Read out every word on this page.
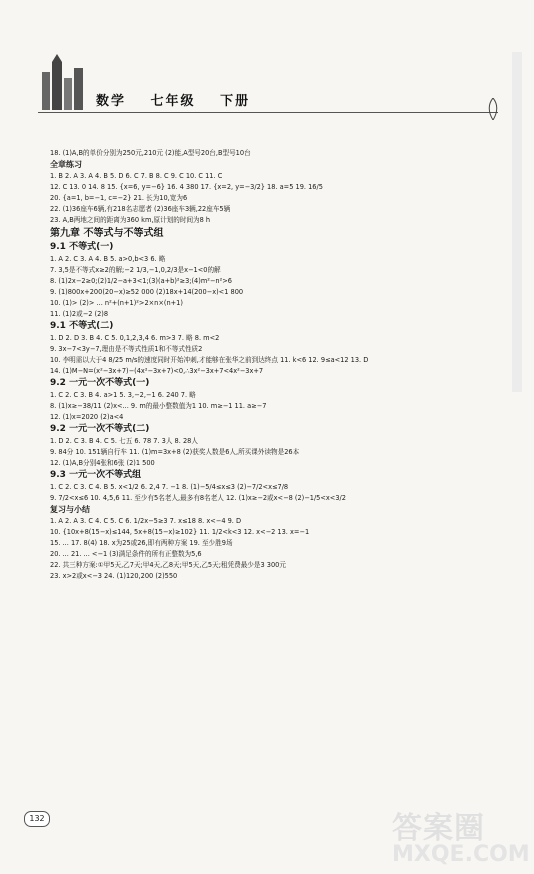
数学 七年级 下册
18. (1)A,B的单价分别为250元,210元 (2)能,A型号20台,B型号10台
全章练习
1. B 2. A 3. A 4. B 5. D 6. C 7. B 8. C 9. C 10. C 11. C
12. C 13. 0 14. 8 15. {x=6, y=−6} 16. 4 380 17. {x=2, y=−3/2} 18. a=5 19. 16/5
20. {a=1, b=−1, c=−2} 21. 长为10,宽为6
22. (1)36座车6辆,有218名志愿者 (2)36座车3辆,22座车5辆
23. A,B两地之间的距离为360 km,原计划的时间为8 h
第九章 不等式与不等式组
9.1 不等式(一)
1. A 2. C 3. A 4. B 5. a>0,b<3 6. 略
7. 3,5是不等式x≥2的解;−2 1/3,−1,0,2/3是x−1<0的解
8. (1)2x−2≥0;(2)1/2−a+3<1;(3)(a+b)²≥3;(4)m²−n²>6
9. (1)800x+200(20−x)≥52 000 (2)18x+14(200−x)<1 800
10. (1)> (2)> ... n²+(n+1)²>2×n×(n+1)
11. (1)2或−2 (2)8
9.1 不等式(二)
1. D 2. D 3. B 4. C 5. 0,1,2,3,4 6. m>3 7. 略 8. m<2
9. 3x−7<3y−7,理由是不等式性质1和不等式性质2
10. 李明需以大于4 8/25 m/s的速度同时开始冲刺,才能够在张华之前到达终点 11. k<6 12. 9≤a<12 13. D
14. (1)M−N=(x²−3x+7)−(4x²−3x+7)<0,∴3x²−3x+7<4x²−3x+7
9.2 一元一次不等式(一)
1. C 2. C 3. B 4. a>1 5. 3,−2,−1 6. 240 7. 略
8. (1)x≥−38/11 (2)x<... 9. m的最小整数值为1 10. m≥−1 11. a≥−7
12. (1)x=2020 (2)a<4
9.2 一元一次不等式(二)
1. D 2. C 3. B 4. C 5. 七五 6. 78 7. 3人 8. 28人
9. 84分 10. 151辆自行车 11. (1)m=3x+8 (2)获奖人数是6人,所买课外读物是26本
12. (1)A,B分别4张和6张 (2)1 500
9.3 一元一次不等式组
1. C 2. C 3. C 4. B 5. x<1/2 6. 2,4 7. −1 8. (1)−5/4≤x≤3 (2)−7/2<x≤7/8
9. 7/2<x≤6 10. 4,5,6 11. 至少有5名老人,最多有8名老人 12. (1)x≥−2或x<−8 (2)−1/5<x<3/2
复习与小结
1. A 2. A 3. C 4. C 5. C 6. 1/2x−5≥3 7. x≤18 8. x<−4 9. D
10. {10x+8(15−x)≤144, 5x+8(15−x)≥102} 11. 1/2<k<3 12. x<−2 13. x=−1
15. ... 17. 8(4) 18. x为25或26,即有两种方案 19. 至少胜9场
20. ... 21. ... <−1 (3)满足条件的所有正整数为5,6
22. 共三种方案:①甲5天,乙7天;甲4天,乙8天;甲5天,乙5天;租凭费最少是3 300元
23. x>2或x<−3 24. (1)120,200 (2)550
132	答案圈
MXQE.COM
